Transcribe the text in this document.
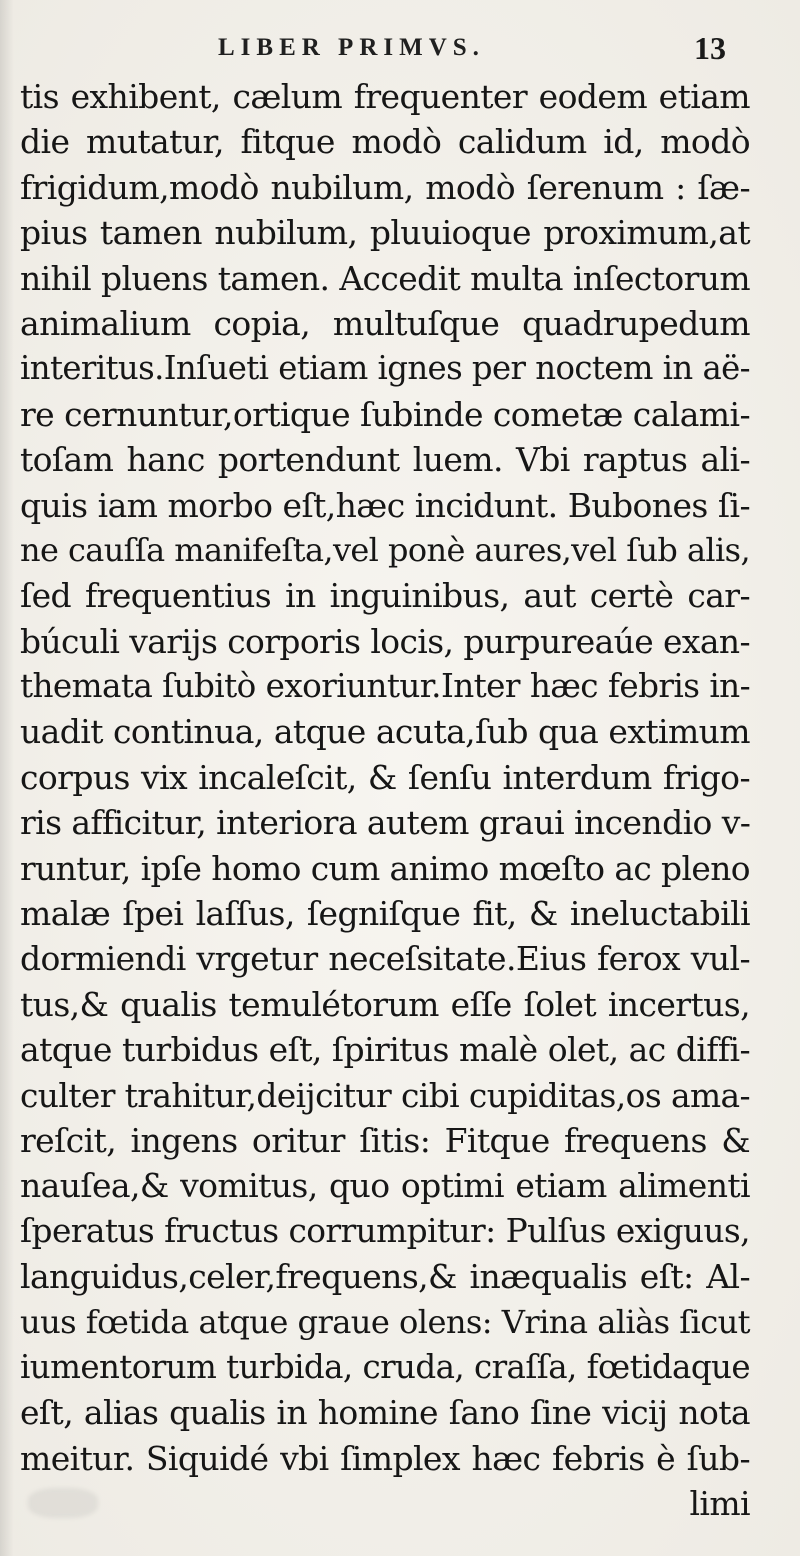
LIBER PRIMVS.	13
tis exhibent, cælum frequenter eodem etiam
die mutatur, fitque modò calidum id, modò
frigidum,modò nubilum, modò ſerenum : ſæ-
pius tamen nubilum, pluuioque proximum,at
nihil pluens tamen. Accedit multa inſectorum
animalium copia, multuſque quadrupedum
interitus.Inſueti etiam ignes per noctem in aë-
re cernuntur,ortique ſubinde cometæ calami-
toſam hanc portendunt luem. Vbi raptus ali-
quis iam morbo eſt,hæc incidunt. Bubones ſi-
ne cauſſa manifeſta,vel ponè aures,vel ſub alis,
ſed frequentius in inguinibus, aut certè car-
búculi varijs corporis locis, purpureaúe exan-
themata ſubitò exoriuntur.Inter hæc febris in-
uadit continua, atque acuta,ſub qua extimum
corpus vix incaleſcit, & ſenſu interdum frigo-
ris afficitur, interiora autem graui incendio v-
runtur, ipſe homo cum animo mœſto ac pleno
malæ ſpei laſſus, ſegniſque fit, & ineluctabili
dormiendi vrgetur neceſsitate.Eius ferox vul-
tus,& qualis temulétorum eſſe ſolet incertus,
atque turbidus eſt, ſpiritus malè olet, ac diffi-
culter trahitur,deijcitur cibi cupiditas,os ama-
reſcit, ingens oritur ſitis: Fitque frequens &
nauſea,& vomitus, quo optimi etiam alimenti
ſperatus fructus corrumpitur: Pulſus exiguus,
languidus,celer,frequens,& inæqualis eſt: Al-
uus fœtida atque graue olens: Vrina aliàs ſicut
iumentorum turbida, cruda, craſſa, fœtidaque
eſt, alias qualis in homine ſano ſine vicij nota
meitur. Siquidé vbi ſimplex hæc febris è ſub-
limi
